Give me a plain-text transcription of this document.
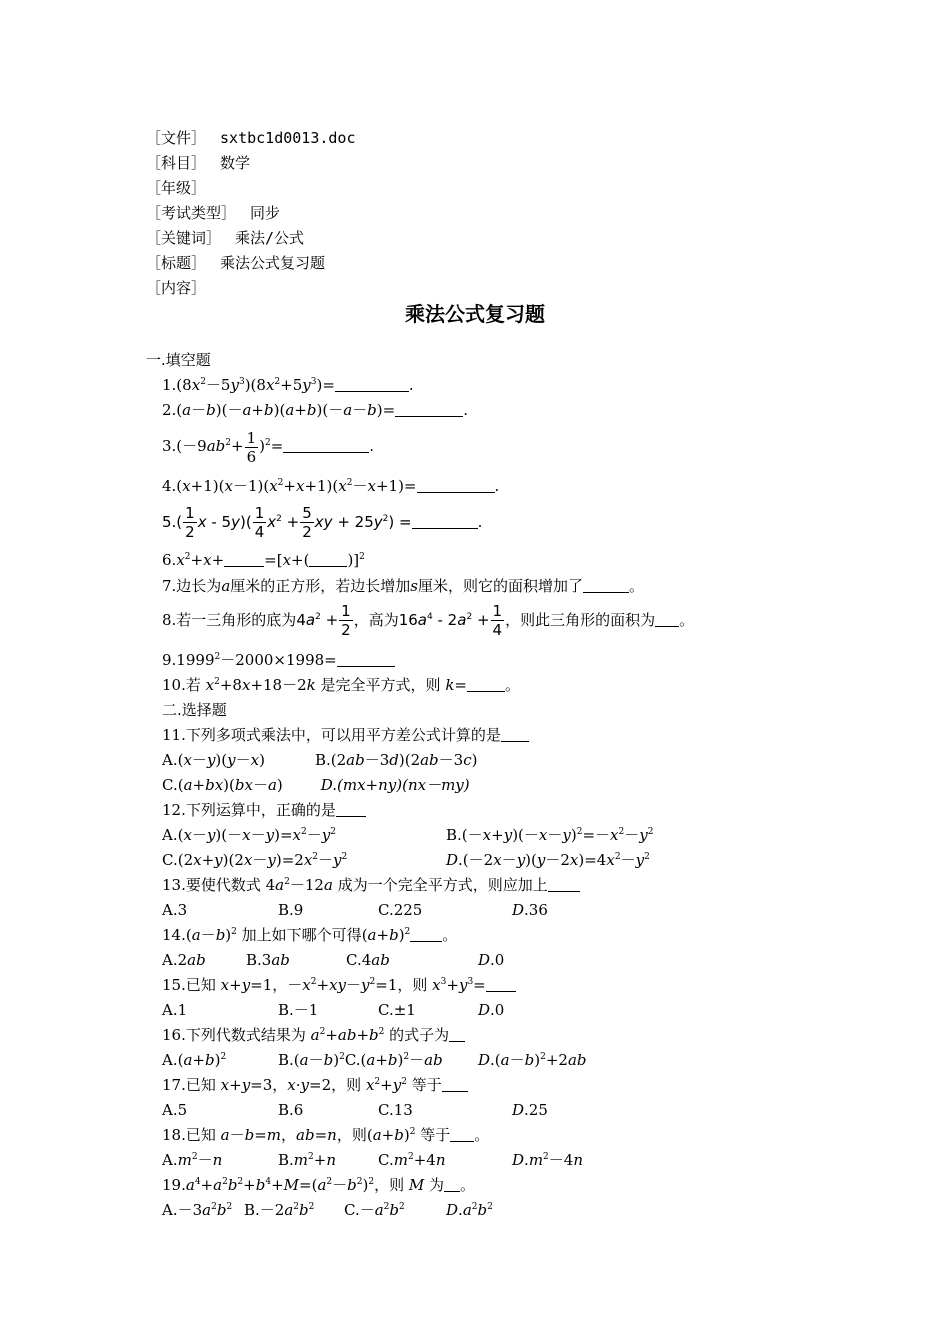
［文件］ sxtbc1d0013.doc
［科目］ 数学
［年级］
［考试类型］ 同步
［关键词］ 乘法/公式
［标题］ 乘法公式复习题
［内容］
乘法公式复习题
一.填空题
$1.(8x^2-5y^3)(8x^2+5y^3)=$	.
2.(a－b)(－a+b)(a+b)(－a－b)=	.
$3.(-9ab^2+ \frac{1}{6} )^2=$	.
$4.(x+1)(x-1)(x^2+x+1)(x^2-x+1)=$	.
$5.( \frac{1}{2}$ $x - 5y)( \frac{1}{4} x^2 + \frac{5}{2}$ xy + $25y^2$) =	.
$6.x^2+x+$	=[x+(	)]$^2$
7.边长为a厘米的正方形，若边长增加s厘米，则它的面积增加了	。
8.若一三角形的底为$4a^2 + \frac{1}{2}$ ，高为$16a^4 - 2a^2 + \frac{1}{4}$ ，则此三角形的面积为 。
$9.1999^2-2000\times 1998=$
10.若 $x^2+8x+18-2k$ 是完全平方式，则 k=	。
二.选择题
11.下列多项式乘法中，可以用平方差公式计算的是
A.(x－y)(y－x)	B.(2ab－3d)(2ab－3c)
C.(a+bx)(bx－a)	D.(mx+ny)(nx－my)
12.下列运算中，正确的是
$A.(x-y)(-x-y)=x^2-y^2$	$B.(-x+y)(-x-y)^2=-x^2-y^2$
$C.(2x+y)(2x-y)=2x^2-y^2$	$D.(-2x-y)(y-2x)=4x^2-y^2$
13.要使代数式 $4a^2-12a$ 成为一个完全平方式，则应加上
A.3	B.9	C.225	D.36

$14.(a-b)^2$ 加上如下哪个可得$(a+b)^2$ 。
A.2ab	B.3ab	C.4ab	D.0

15.已知 x+y=1，$-x^2+xy-y^2=1$，则 $x^3+y^3=$
A.1	B.－1	C.±1	D.0

16.下列代数式结果为 $a^2+ab+b^2$ 的式子为
$A.(a+b)^2$	$B.(a-b)^2C.(a+b)^2-ab$ $D.(a-b)^2+2ab$

17.已知 x+y=3，x·y=2，则 $x^2+y^2$ 等于
A.5	B.6	C.13	D.25

18.已知 a－b=m，ab=n，则$(a+b)^2$ 等于 。
$A.m^2-n$	$B.m^2+n$	$C.m^2+4n$	$D.m^2-4n$

$19.a^4+a^2b^2+b^4+M=(a^2-b^2)^2$，则 M 为 。
$A.-3a^2b^2$ $B.-2a^2b^2$ $C.-a^2b^2$	$D.a^2b^2$
